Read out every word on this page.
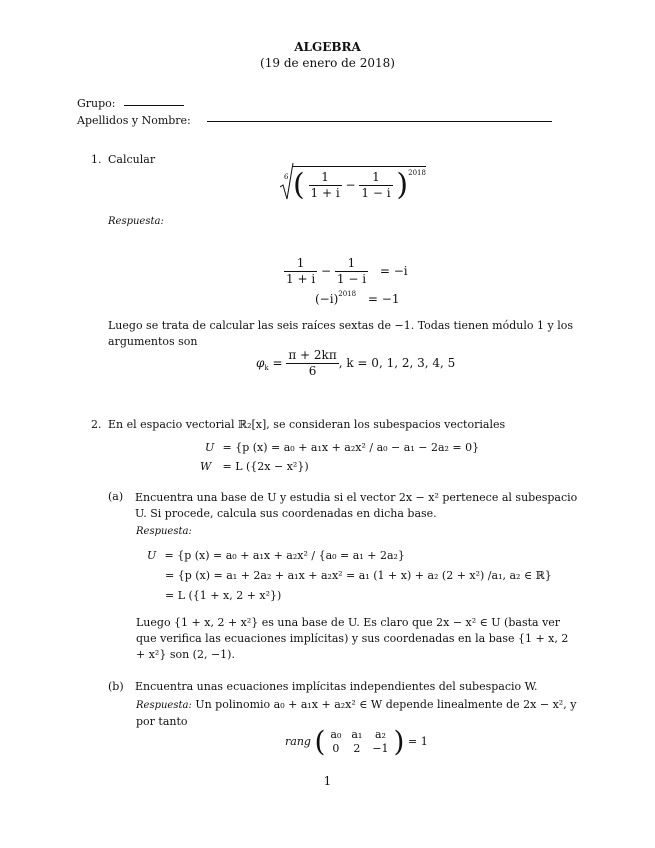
ALGEBRA
(19 de enero de 2018)
Grupo:
Apellidos y Nombre:
1. Calcular
6 ( $\frac{1}{1 + i} - \frac{1}{1 - i} )^{2018}$
Respuesta:
$\frac{1}{1 + i} - \frac{1}{1 - i} = -i$
$(-i)^{2018} = -1$
Luego se trata de calcular las seis raíces sextas de −1. Todas tienen módulo 1 y los argumentos son
$\varphi_k = \frac{\pi + 2k\pi}{6}$ , k = 0, 1, 2, 3, 4, 5
2. En el espacio vectorial ℝ₂[x], se consideran los subespacios vectoriales
U = {p (x) = a₀ + a₁x + a₂x² / a₀ − a₁ − 2a₂ = 0}
W = L ({2x − x²})
(a) Encuentra una base de U y estudia si el vector 2x − x² pertenece al subespacio U. Si procede, calcula sus coordenadas en dicha base.
Respuesta:
U = {p (x) = a₀ + a₁x + a₂x² / {a₀ = a₁ + 2a₂}
= {p (x) = a₁ + 2a₂ + a₁x + a₂x² = a₁ (1 + x) + a₂ (2 + x²) /a₁, a₂ ∈ ℝ}
= L ({1 + x, 2 + x²})
Luego {1 + x, 2 + x²} es una base de U. Es claro que 2x − x² ∈ U (basta ver que verifica las ecuaciones implícitas) y sus coordenadas en la base {1 + x, 2 + x²} son (2, −1).
(b) Encuentra unas ecuaciones implícitas independientes del subespacio W.
Respuesta: Un polinomio a₀ + a₁x + a₂x² ∈ W depende linealmente de 2x − x², y por tanto
rang ( a₀	a₁	a₂
0	2	−1 ) = 1
1
